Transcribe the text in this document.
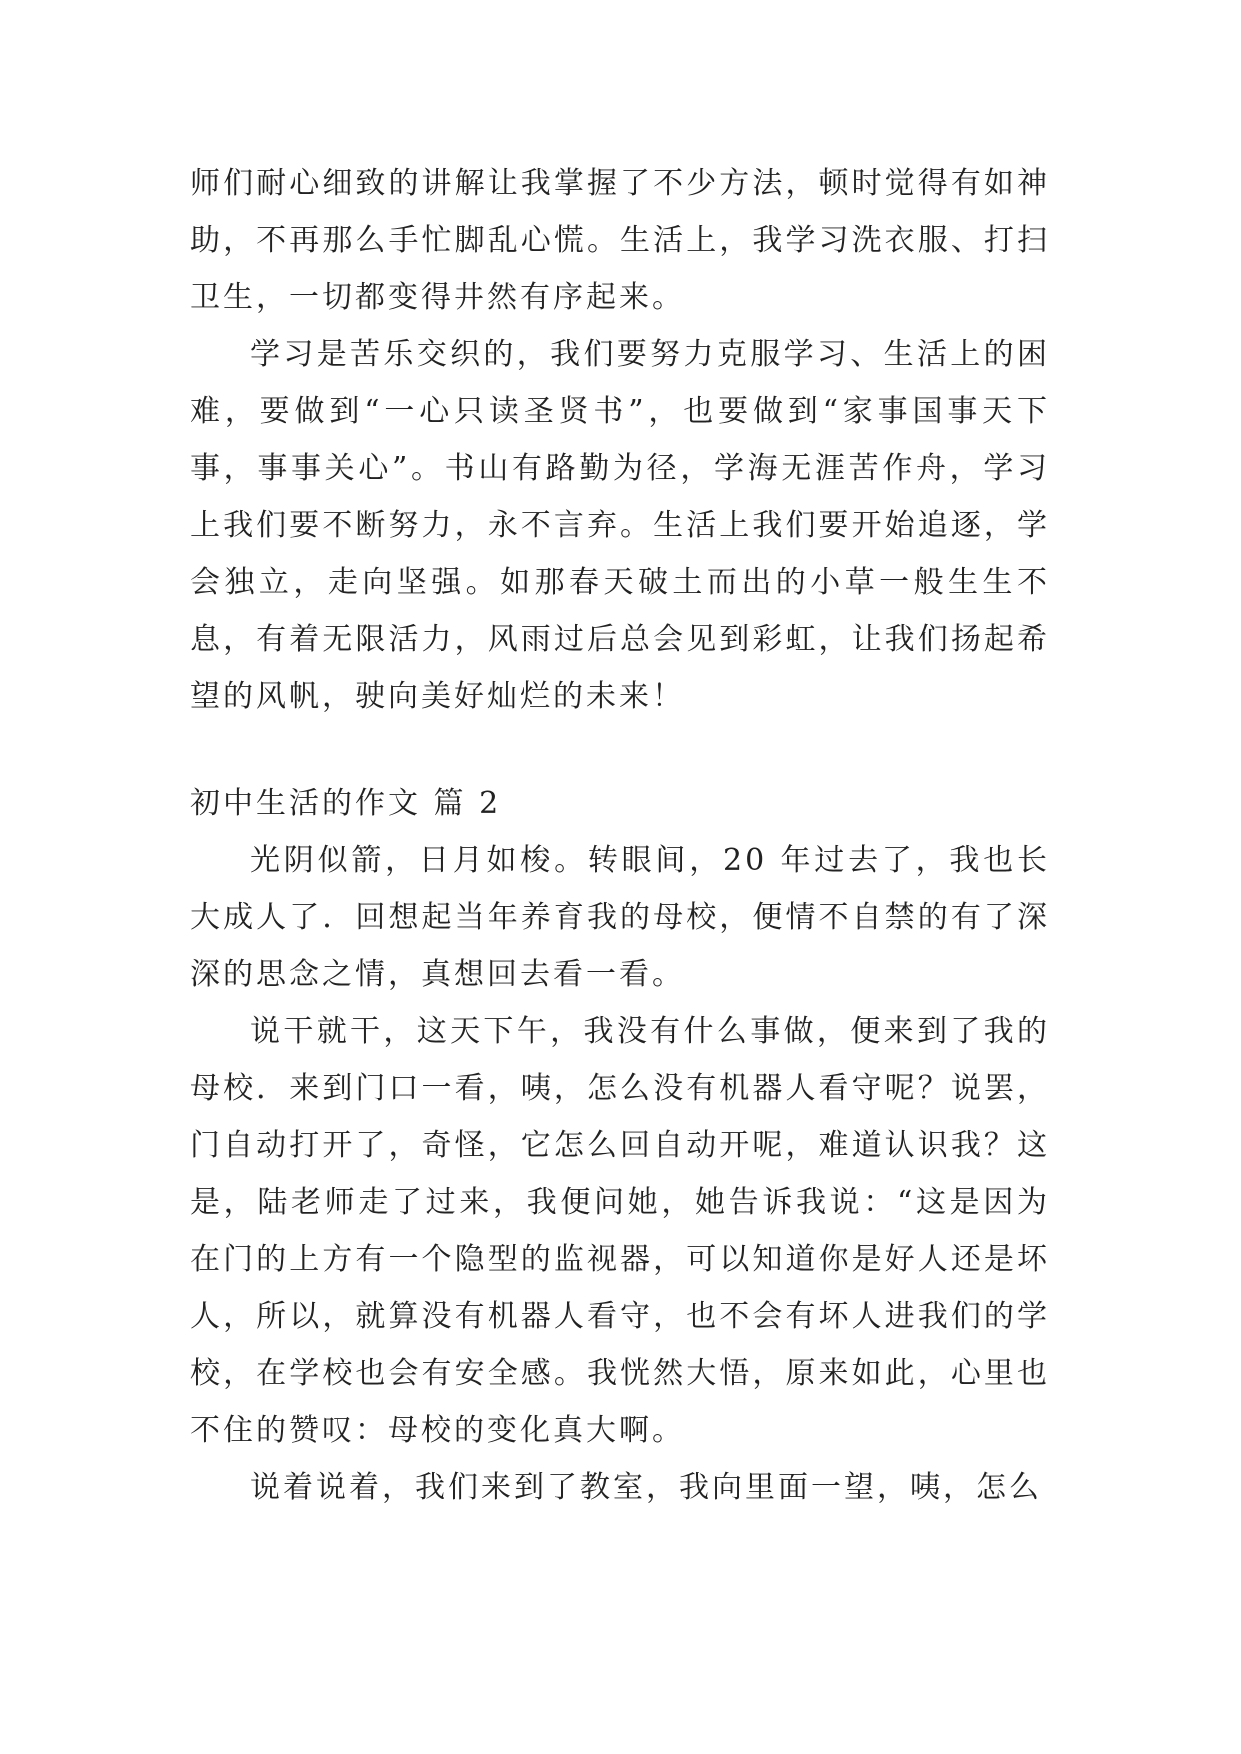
师们耐心细致的讲解让我掌握了不少方法，顿时觉得有如神助，不再那么手忙脚乱心慌。生活上，我学习洗衣服、打扫卫生，一切都变得井然有序起来。

学习是苦乐交织的，我们要努力克服学习、生活上的困难，要做到“一心只读圣贤书”，也要做到“家事国事天下事，事事关心”。书山有路勤为径，学海无涯苦作舟，学习上我们要不断努力，永不言弃。生活上我们要开始追逐，学会独立，走向坚强。如那春天破土而出的小草一般生生不息，有着无限活力，风雨过后总会见到彩虹，让我们扬起希望的风帆，驶向美好灿烂的未来！

初中生活的作文 篇 2

光阴似箭，日月如梭。转眼间，20 年过去了，我也长大成人了．回想起当年养育我的母校，便情不自禁的有了深深的思念之情，真想回去看一看。

说干就干，这天下午，我没有什么事做，便来到了我的母校．来到门口一看，咦，怎么没有机器人看守呢？说罢，门自动打开了，奇怪，它怎么回自动开呢，难道认识我？这是，陆老师走了过来，我便问她，她告诉我说：“这是因为在门的上方有一个隐型的监视器，可以知道你是好人还是坏人，所以，就算没有机器人看守，也不会有坏人进我们的学校，在学校也会有安全感。我恍然大悟，原来如此，心里也不住的赞叹：母校的变化真大啊。

说着说着，我们来到了教室，我向里面一望，咦，怎么
